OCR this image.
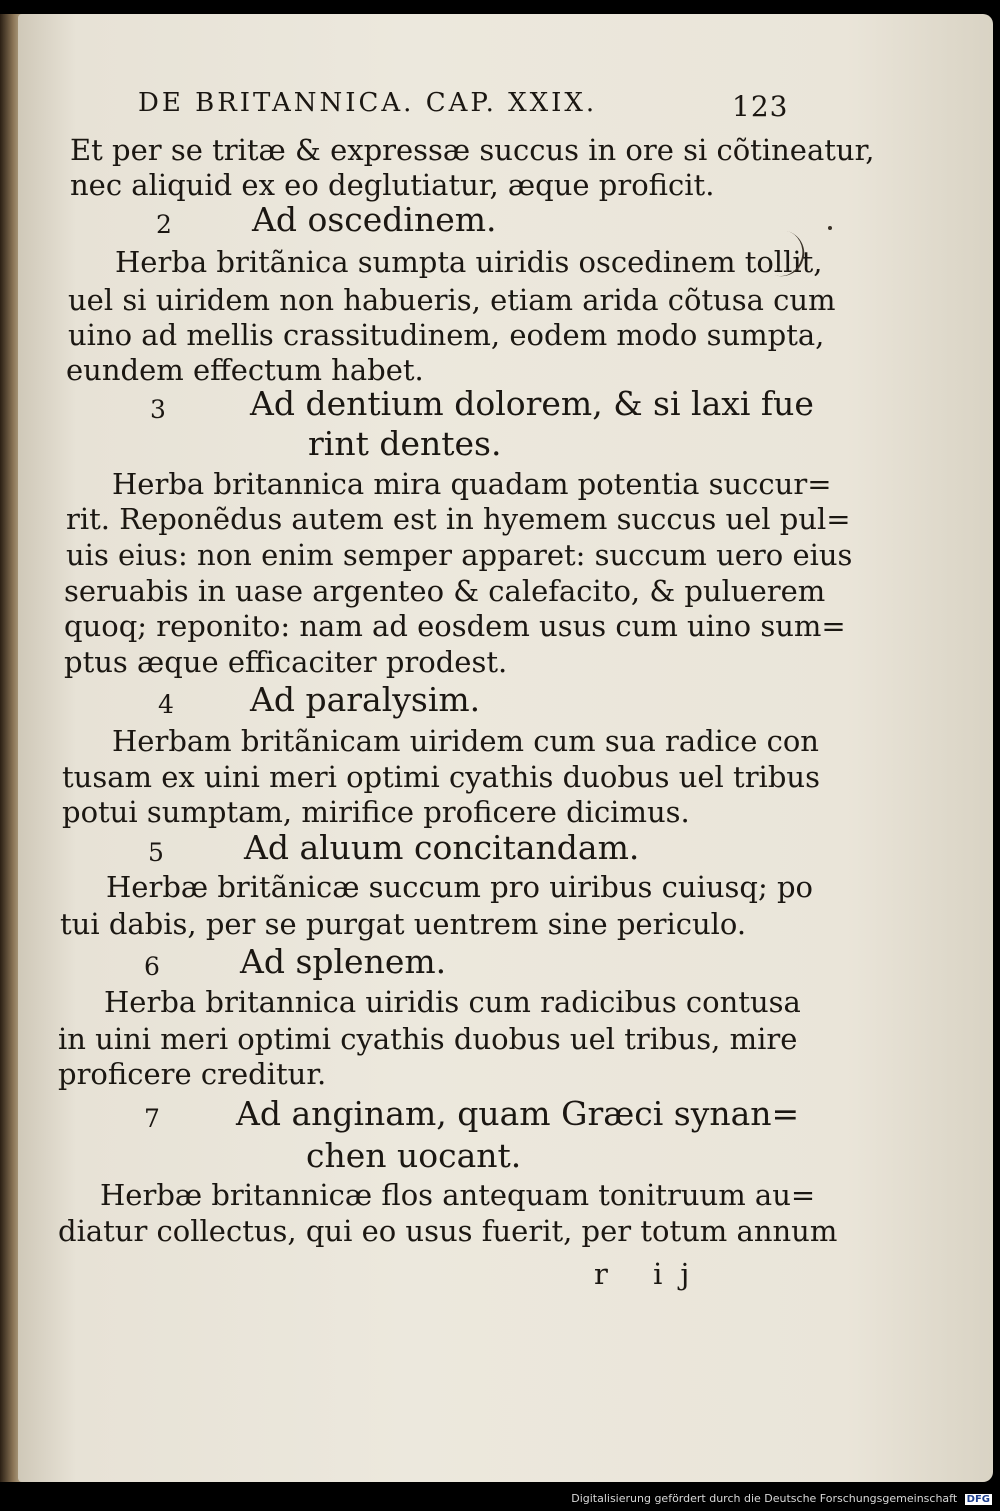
DE BRITANNICA. CAP. XXIX.	123
Et per se tritæ & expressæ succus in ore si cõtineatur,
nec aliquid ex eo deglutiatur, æque proficit.
2 Ad oscedinem.
Herba britãnica sumpta uiridis oscedinem tollit,
uel si uiridem non habueris, etiam arida cõtusa cum
uino ad mellis crassitudinem, eodem modo sumpta,
eundem effectum habet.
3	Ad dentium dolorem, & si laxi fue
rint dentes.
Herba britannica mira quadam potentia succur=
rit. Reponẽdus autem est in hyemem succus uel pul=
uis eius: non enim semper apparet: succum uero eius
seruabis in uase argenteo & calefacito, & puluerem
quoq; reponito: nam ad eosdem usus cum uino sum=
ptus æque efficaciter prodest.
4 Ad paralysim.
Herbam britãnicam uiridem cum sua radice con
tusam ex uini meri optimi cyathis duobus uel tribus
potui sumptam, mirifice proficere dicimus.
5 Ad aluum concitandam.
Herbæ britãnicæ succum pro uiribus cuiusq; po
tui dabis, per se purgat uentrem sine periculo.
6 Ad splenem.
Herba britannica uiridis cum radicibus contusa
in uini meri optimi cyathis duobus uel tribus, mire
proficere creditur.
7 Ad anginam, quam Græci synan=
chen uocant.
Herbæ britannicæ flos antequam tonitruum au=
diatur collectus, qui eo usus fuerit, per totum annum
r ij
Digitalisierung gefördert durch die Deutsche Forschungsgemeinschaft DFG
